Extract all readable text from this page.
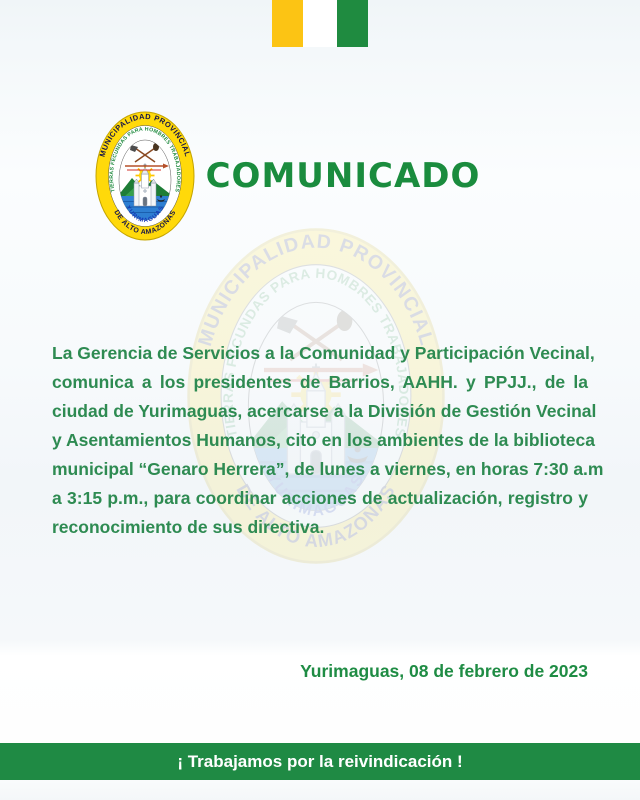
COMUNICADO
La Gerencia de Servicios a la Comunidad y Participación Vecinal,
comunica a los presidentes de Barrios, AAHH. y PPJJ., de la
ciudad de Yurimaguas, acercarse a la División de Gestión Vecinal
y Asentamientos Humanos, cito en los ambientes de la biblioteca
municipal “Genaro Herrera”, de lunes a viernes, en horas 7:30 a.m
a 3:15 p.m., para coordinar acciones de actualización, registro y
reconocimiento de sus directiva.
Yurimaguas, 08 de febrero de 2023
¡ Trabajamos por la reivindicación !
